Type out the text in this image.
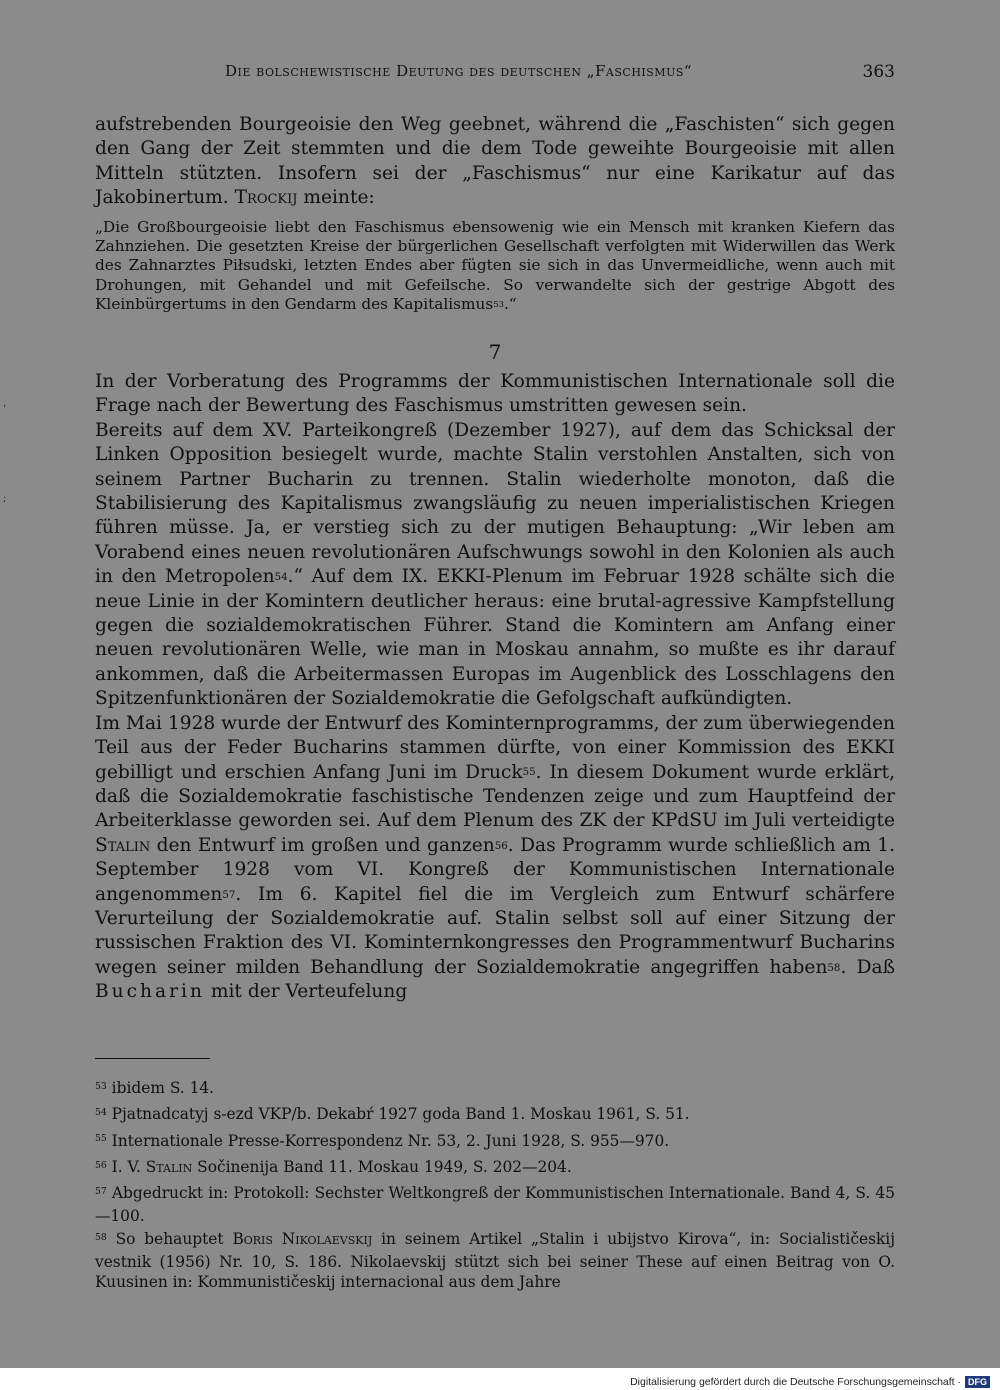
'
;
Die bolschewistische Deutung des deutschen „Faschismus“	363

aufstrebenden Bourgeoisie den Weg geebnet, während die „Faschisten“ sich gegen den Gang der Zeit stemmten und die dem Tode geweihte Bourgeoisie mit allen Mitteln stützten. Insofern sei der „Faschismus“ nur eine Karikatur auf das Jakobinertum. Trockij meinte:

„Die Großbourgeoisie liebt den Faschismus ebensowenig wie ein Mensch mit kranken Kiefern das Zahnziehen. Die gesetzten Kreise der bürgerlichen Gesellschaft verfolgten mit Widerwillen das Werk des Zahnarztes Piłsudski, letzten Endes aber fügten sie sich in das Unvermeidliche, wenn auch mit Drohungen, mit Gehandel und mit Gefeilsche. So verwandelte sich der gestrige Abgott des Kleinbürgertums in den Gendarm des Kapitalismus$^{53}$.“

7

In der Vorberatung des Programms der Kommunistischen Internationale soll die Frage nach der Bewertung des Faschismus umstritten gewesen sein.

Bereits auf dem XV. Parteikongreß (Dezember 1927), auf dem das Schicksal der Linken Opposition besiegelt wurde, machte Stalin verstohlen Anstalten, sich von seinem Partner Bucharin zu trennen. Stalin wiederholte monoton, daß die Stabilisierung des Kapitalismus zwangsläufig zu neuen imperialistischen Kriegen führen müsse. Ja, er verstieg sich zu der mutigen Behauptung: „Wir leben am Vorabend eines neuen revolutionären Aufschwungs sowohl in den Kolonien als auch in den Metropolen$^{54}$.“ Auf dem IX. EKKI-Plenum im Februar 1928 schälte sich die neue Linie in der Komintern deutlicher heraus: eine brutal-agressive Kampfstellung gegen die sozialdemokratischen Führer. Stand die Komintern am Anfang einer neuen revolutionären Welle, wie man in Moskau annahm, so mußte es ihr darauf ankommen, daß die Arbeitermassen Europas im Augenblick des Losschlagens den Spitzenfunktionären der Sozialdemokratie die Gefolgschaft aufkündigten.

Im Mai 1928 wurde der Entwurf des Kominternprogramms, der zum überwiegenden Teil aus der Feder Bucharins stammen dürfte, von einer Kommission des EKKI gebilligt und erschien Anfang Juni im Druck$^{55}$. In diesem Dokument wurde erklärt, daß die Sozialdemokratie faschistische Tendenzen zeige und zum Hauptfeind der Arbeiterklasse geworden sei. Auf dem Plenum des ZK der KPdSU im Juli verteidigte Stalin den Entwurf im großen und ganzen$^{56}$. Das Programm wurde schließlich am 1. September 1928 vom VI. Kongreß der Kommunistischen Internationale angenommen$^{57}$. Im 6. Kapitel fiel die im Vergleich zum Entwurf schärfere Verurteilung der Sozialdemokratie auf. Stalin selbst soll auf einer Sitzung der russischen Fraktion des VI. Kominternkongresses den Programmentwurf Bucharins wegen seiner milden Behandlung der Sozialdemokratie angegriffen haben$^{58}$. Daß Bucharin mit der Verteufelung

$^{53}$ ibidem S. 14.

$^{54}$ Pjatnadcatyj s-ezd VKP/b. Dekabŕ 1927 goda Band 1. Moskau 1961, S. 51.

$^{55}$ Internationale Presse-Korrespondenz Nr. 53, 2. Juni 1928, S. 955—970.

$^{56}$ I. V. Stalin Sočinenija Band 11. Moskau 1949, S. 202—204.

$^{57}$ Abgedruckt in: Protokoll: Sechster Weltkongreß der Kommunistischen Internationale. Band 4, S. 45—100.

$^{58}$ So behauptet Boris Nikolaevskij in seinem Artikel „Stalin i ubijstvo Kirova“, in: Socialističeskij vestnik (1956) Nr. 10, S. 186. Nikolaevskij stützt sich bei seiner These auf einen Beitrag von O. Kuusinen in: Kommunističeskij internacional aus dem Jahre

Digitalisierung gefördert durch die Deutsche Forschungsgemeinschaft · DFG
